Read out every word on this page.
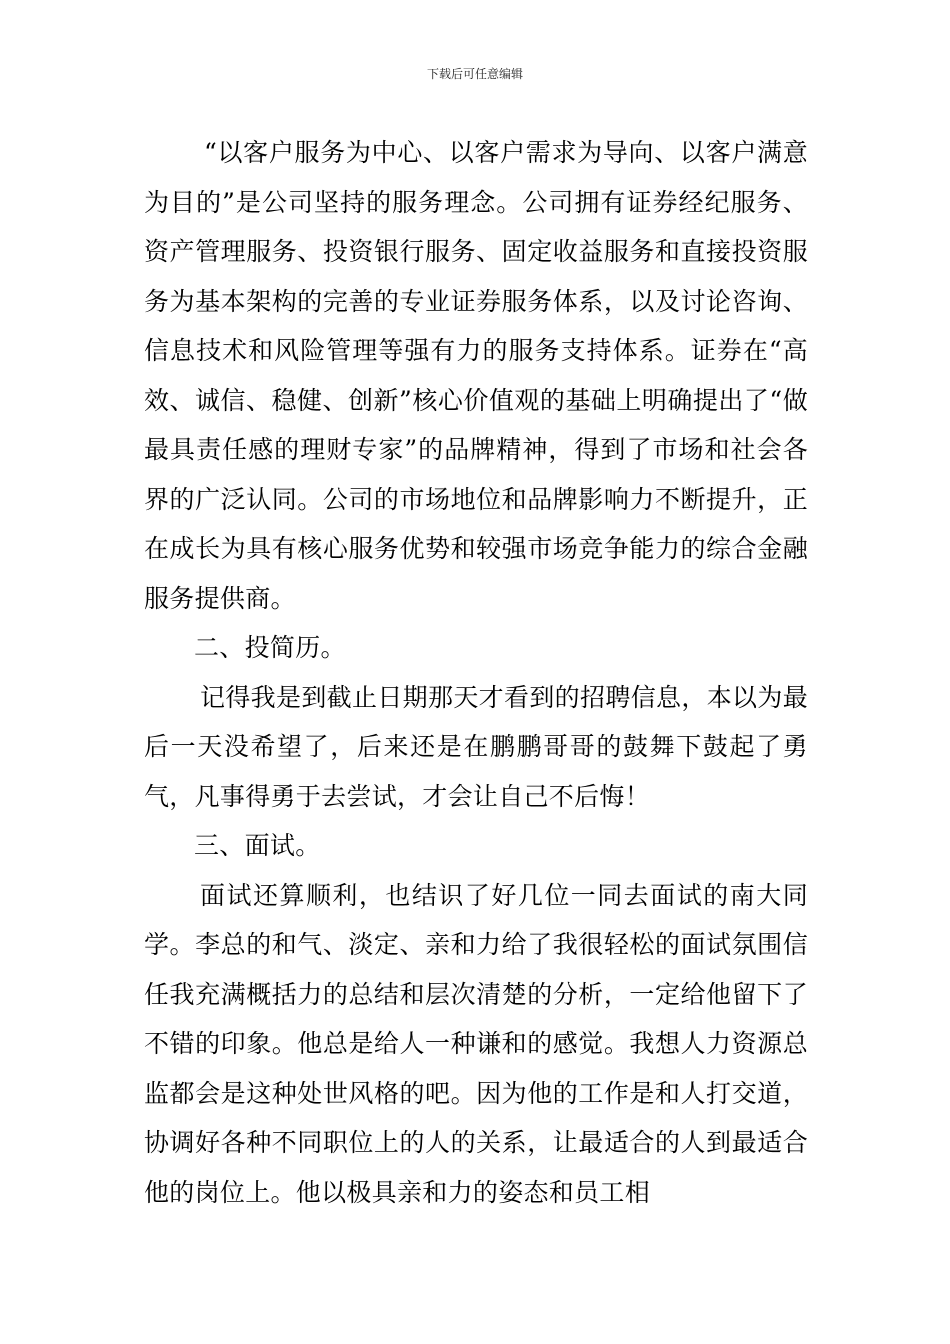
下载后可任意编辑

“以客户服务为中心、以客户需求为导向、以客户满意为目的”是公司坚持的服务理念。公司拥有证券经纪服务、资产管理服务、投资银行服务、固定收益服务和直接投资服务为基本架构的完善的专业证券服务体系，以及讨论咨询、信息技术和风险管理等强有力的服务支持体系。证券在“高效、诚信、稳健、创新”核心价值观的基础上明确提出了“做最具责任感的理财专家”的品牌精神，得到了市场和社会各界的广泛认同。公司的市场地位和品牌影响力不断提升，正在成长为具有核心服务优势和较强市场竞争能力的综合金融服务提供商。

二、投简历。

记得我是到截止日期那天才看到的招聘信息，本以为最后一天没希望了，后来还是在鹏鹏哥哥的鼓舞下鼓起了勇气，凡事得勇于去尝试，才会让自己不后悔！

三、面试。

面试还算顺利，也结识了好几位一同去面试的南大同学。李总的和气、淡定、亲和力给了我很轻松的面试氛围信任我充满概括力的总结和层次清楚的分析，一定给他留下了不错的印象。他总是给人一种谦和的感觉。我想人力资源总监都会是这种处世风格的吧。因为他的工作是和人打交道，协调好各种不同职位上的人的关系，让最适合的人到最适合他的岗位上。他以极具亲和力的姿态和员工相
